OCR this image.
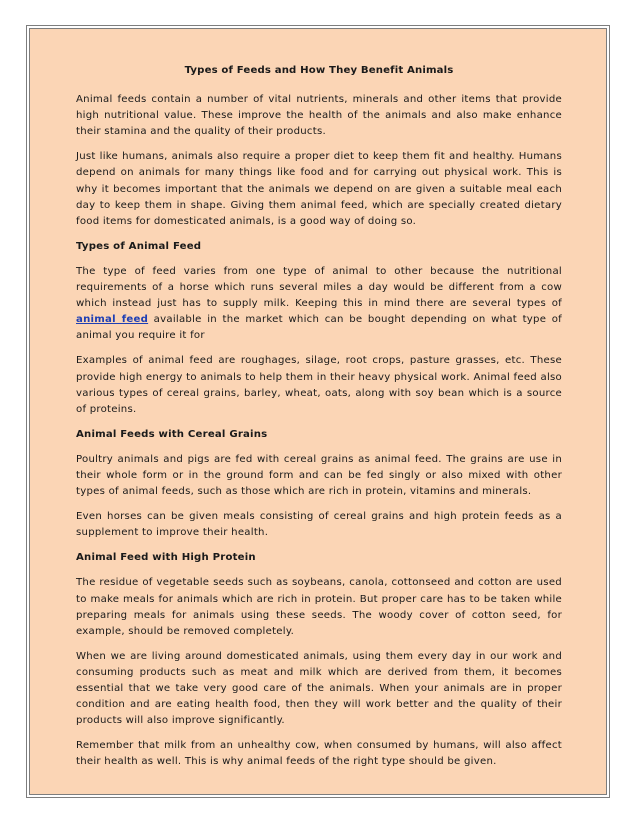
Types of Feeds and How They Benefit Animals

Animal feeds contain a number of vital nutrients, minerals and other items that provide high nutritional value. These improve the health of the animals and also make enhance their stamina and the quality of their products.

Just like humans, animals also require a proper diet to keep them fit and healthy. Humans depend on animals for many things like food and for carrying out physical work. This is why it becomes important that the animals we depend on are given a suitable meal each day to keep them in shape. Giving them animal feed, which are specially created dietary food items for domesticated animals, is a good way of doing so.

Types of Animal Feed

The type of feed varies from one type of animal to other because the nutritional requirements of a horse which runs several miles a day would be different from a cow which instead just has to supply milk. Keeping this in mind there are several types of animal feed available in the market which can be bought depending on what type of animal you require it for

Examples of animal feed are roughages, silage, root crops, pasture grasses, etc. These provide high energy to animals to help them in their heavy physical work. Animal feed also various types of cereal grains, barley, wheat, oats, along with soy bean which is a source of proteins.

Animal Feeds with Cereal Grains

Poultry animals and pigs are fed with cereal grains as animal feed. The grains are use in their whole form or in the ground form and can be fed singly or also mixed with other types of animal feeds, such as those which are rich in protein, vitamins and minerals.

Even horses can be given meals consisting of cereal grains and high protein feeds as a supplement to improve their health.

Animal Feed with High Protein

The residue of vegetable seeds such as soybeans, canola, cottonseed and cotton are used to make meals for animals which are rich in protein. But proper care has to be taken while preparing meals for animals using these seeds. The woody cover of cotton seed, for example, should be removed completely.

When we are living around domesticated animals, using them every day in our work and consuming products such as meat and milk which are derived from them, it becomes essential that we take very good care of the animals. When your animals are in proper condition and are eating health food, then they will work better and the quality of their products will also improve significantly.

Remember that milk from an unhealthy cow, when consumed by humans, will also affect their health as well. This is why animal feeds of the right type should be given.
